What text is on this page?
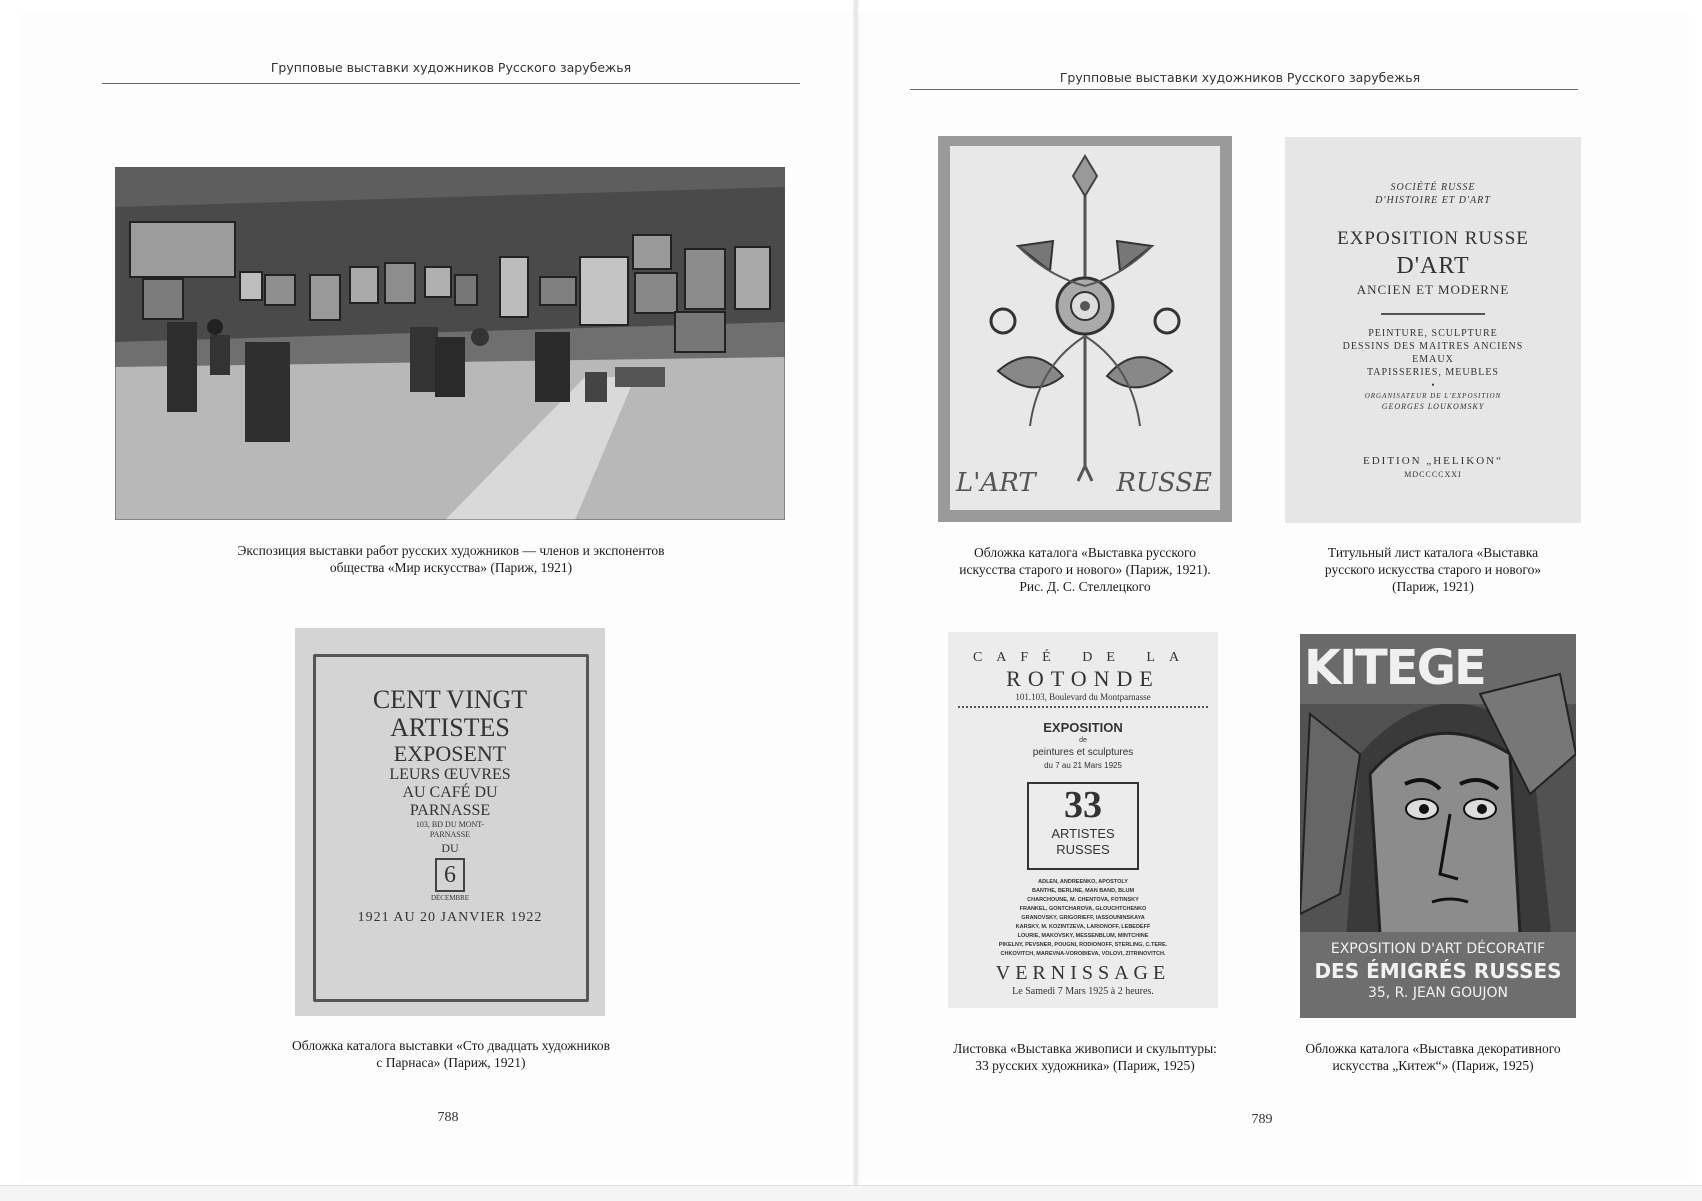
Групповые выставки художников Русского зарубежья
Экспозиция выставки работ русских художников — членов и экспонентов
общества «Мир искусства» (Париж, 1921)
CENT VINGT
ARTISTES
EXPOSENT
LEURS ŒUVRES
AU CAFÉ DU
PARNASSE
103, BD DU MONT-
PARNASSE
DU
6
DÉCEMBRE
1921 AU 20 JANVIER 1922
Обложка каталога выставки «Сто двадцать художников
с Парнаса» (Париж, 1921)
788
Групповые выставки художников Русского зарубежья
L'ART	RUSSE
Обложка каталога «Выставка русского
искусства старого и нового» (Париж, 1921).
Рис. Д. С. Стеллецкого
SOCIÉTÉ RUSSE
D'HISTOIRE ET D'ART
EXPOSITION RUSSE
D'ART
ANCIEN ET MODERNE
PEINTURE, SCULPTURE
DESSINS DES MAITRES ANCIENS
EMAUX
TAPISSERIES, MEUBLES
•
ORGANISATEUR DE L'EXPOSITION
GEORGES LOUKOMSKY
EDITION „HELIKON“
MDCCCCXXI
Титульный лист каталога «Выставка
русского искусства старого и нового»
(Париж, 1921)
CAFÉ DE LA
ROTONDE
101.103, Boulevard du Montparnasse
EXPOSITION
de
peintures et sculptures
du 7 au 21 Mars 1925
33
ARTISTES
RUSSES
ADLEN, ANDREENKO, APOSTOLY
BANTHE, BERLINE, MAN BAND, BLUM
CHARCHOUNE, M. CHENTOVA, FOTINSKY
FRANKEL, GONTCHAROVA, GLOUCHTCHENKO
GRANOVSKY, GRIGORIEFF, IASSOUNINSKAYA
KARSKY, M. KOZINTZEVA, LARIONOFF, LEBEDEFF
LOURIE, MAKOVSKY, MESSENBLUM, MINTCHINE
PIKELNY, PEVSNER, POUGNI, RODIONOFF, STERLING, C.TERE.
CHKOVITCH, MAREVNA-VOROBIEVA, VOLOVI, ZITRINOVITCH.
VERNISSAGE
Le Samedi 7 Mars 1925 à 2 heures.
Листовка «Выставка живописи и скульптуры:
33 русских художника» (Париж, 1925)
KITEGE
EXPOSITION D'ART DÉCORATIF
DES ÉMIGRÉS RUSSES
35, R. JEAN GOUJON
Обложка каталога «Выставка декоративного
искусства „Китеж“» (Париж, 1925)
789
